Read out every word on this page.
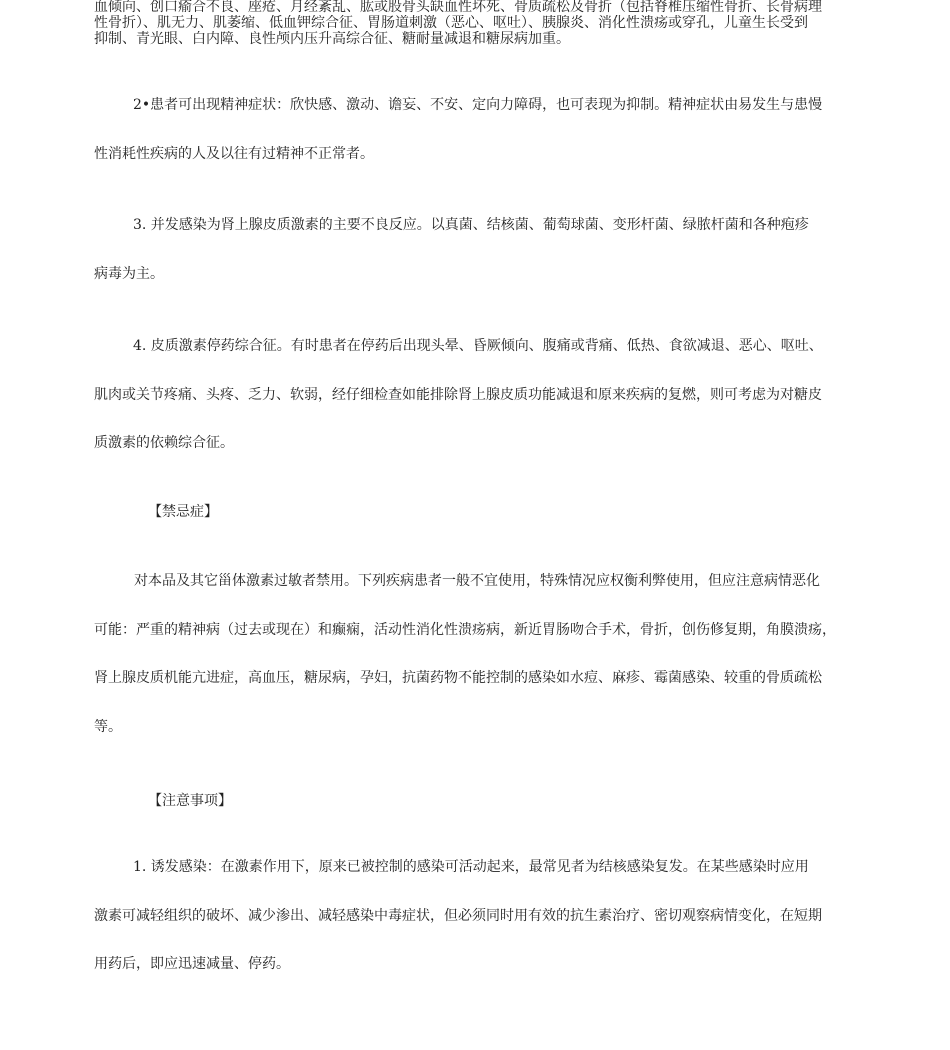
血倾向、创口瘉合不良、座疮、月经紊乱、肱或股骨头缺血性坏死、骨质疏松及骨折（包括脊椎压缩性骨折、长骨病理
性骨折）、肌无力、肌萎缩、低血钾综合征、胃肠道刺激（恶心、呕吐）、胰腺炎、消化性溃疡或穿孔，儿童生长受到
抑制、青光眼、白内障、良性颅内压升高综合征、糖耐量减退和糖尿病加重。
2•患者可出现精神症状：欣快感、激动、谵妄、不安、定向力障碍，也可表现为抑制。精神症状由易发生与患慢
性消耗性疾病的人及以往有过精神不正常者。
3. 并发感染为肾上腺皮质激素的主要不良反应。以真菌、结核菌、葡萄球菌、变形杆菌、绿脓杆菌和各种疱疹
病毒为主。
4. 皮质激素停药综合征。有时患者在停药后出现头晕、昏厥倾向、腹痛或背痛、低热、食欲减退、恶心、呕吐、
肌肉或关节疼痛、头疼、乏力、软弱，经仔细检查如能排除肾上腺皮质功能减退和原来疾病的复燃，则可考虑为对糖皮
质激素的依赖综合征。
【禁忌症】
对本品及其它甾体激素过敏者禁用。下列疾病患者一般不宜使用，特殊情况应权衡利弊使用，但应注意病情恶化
可能：严重的精神病（过去或现在）和癫痫，活动性消化性溃疡病，新近胃肠吻合手术，骨折，创伤修复期，角膜溃疡，
肾上腺皮质机能亢进症，高血压，糖尿病，孕妇，抗菌药物不能控制的感染如水痘、麻疹、霉菌感染、较重的骨质疏松
等。
【注意事项】
1. 诱发感染：在激素作用下，原来已被控制的感染可活动起来，最常见者为结核感染复发。在某些感染时应用
激素可减轻组织的破坏、减少渗出、减轻感染中毒症状，但必须同时用有效的抗生素治疗、密切观察病情变化，在短期
用药后，即应迅速减量、停药。
